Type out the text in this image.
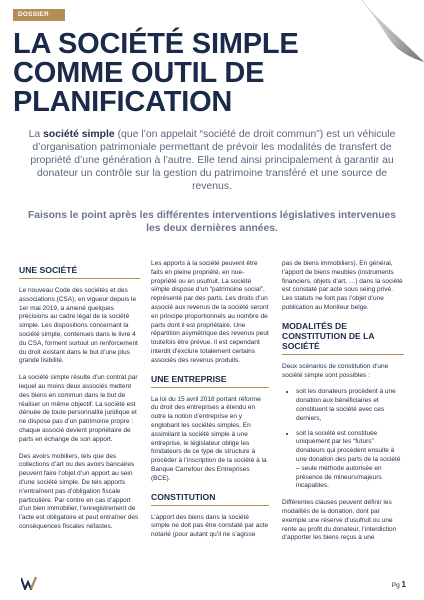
DOSSIER
LA SOCIÉTÉ SIMPLE
COMME OUTIL DE
PLANIFICATION

La société simple (que l’on appelait “société de droit commun”) est un véhicule d’organisation patrimoniale permettant de prévoir les modalités de transfert de propriété d’une génération à l’autre. Elle tend ainsi principalement à garantir au donateur un contrôle sur la gestion du patrimoine transféré et une source de revenus.

Faisons le point après les différentes interventions législatives intervenues les deux dernières années.

UNE SOCIÉTÉ

Le nouveau Code des sociétés et des associations (CSA), en vigueur depuis le 1er mai 2019, a amené quelques précisions au cadre légal de la société simple. Les dispositions concernant la société simple, contenues dans le livre 4 du CSA, forment surtout un renforcement du droit existant dans le but d’une plus grande lisibilité.

La société simple résulte d’un contrat par lequel au moins deux associés mettent des biens en commun dans le but de réaliser un même objectif. La société est dénuée de toute personnalité juridique et ne dispose pas d’un patrimoine propre : chaque associé devient propriétaire de parts en échange de son apport.

Des avoirs mobiliers, tels que des collections d’art ou des avoirs bancaires peuvent faire l’objet d’un apport au sein d’une société simple. De tels apports n’entraînent pas d’obligation fiscale particulière. Par contre en cas d’apport d’un bien immobilier, l’enregistrement de l’acte est obligatoire et peut entraîner des conséquences fiscales néfastes.

Les apports à la société peuvent être faits en pleine propriété, en nue-propriété ou en usufruit. La société simple dispose d’un “patrimoine social”, représenté par des parts. Les droits d’un associé aux revenus de la société seront en principe proportionnels au nombre de parts dont il est propriétaire. Une répartition asymétrique des revenus peut toutefois être prévue. Il est cependant interdit d’exclure totalement certains associés des revenus produits.

UNE ENTREPRISE

La loi du 15 avril 2018 portant réforme du droit des entreprises a étendu en outre la notion d’entreprise en y englobant les sociétés simples. En assimilant la société simple à une entreprise, le législateur oblige les fondateurs de ce type de structure à procéder à l’inscription de la société à la Banque Carrefour des Entreprises (BCE).

CONSTITUTION

L’apport des biens dans la société simple ne doit pas être constaté par acte notarié (pour autant qu’il ne s’agisse

pas de biens immobiliers). En général, l’apport de biens meubles (instruments financiers, objets d’art, …) dans la société est constaté par acte sous seing privé. Les statuts ne font pas l’objet d’une publication au Moniteur belge.

MODALITÉS DE CONSTITUTION DE LA SOCIÉTÉ

Deux scénarios de constitution d’une société simple sont possibles :

• soit les donateurs procèdent à une donation aux bénéficiaires et constituent la société avec ces derniers,
• soit la société est constituée uniquement par les “futurs” donateurs qui procèdent ensuite à une donation des parts de la société – seule méthode autorisée en présence de mineurs/majeurs incapables.

Différentes clauses peuvent définir les modalités de la donation, dont par exemple une réserve d’usufruit ou une rente au profit du donateur, l’interdiction d’apporter les biens reçus à une

Pg 1
